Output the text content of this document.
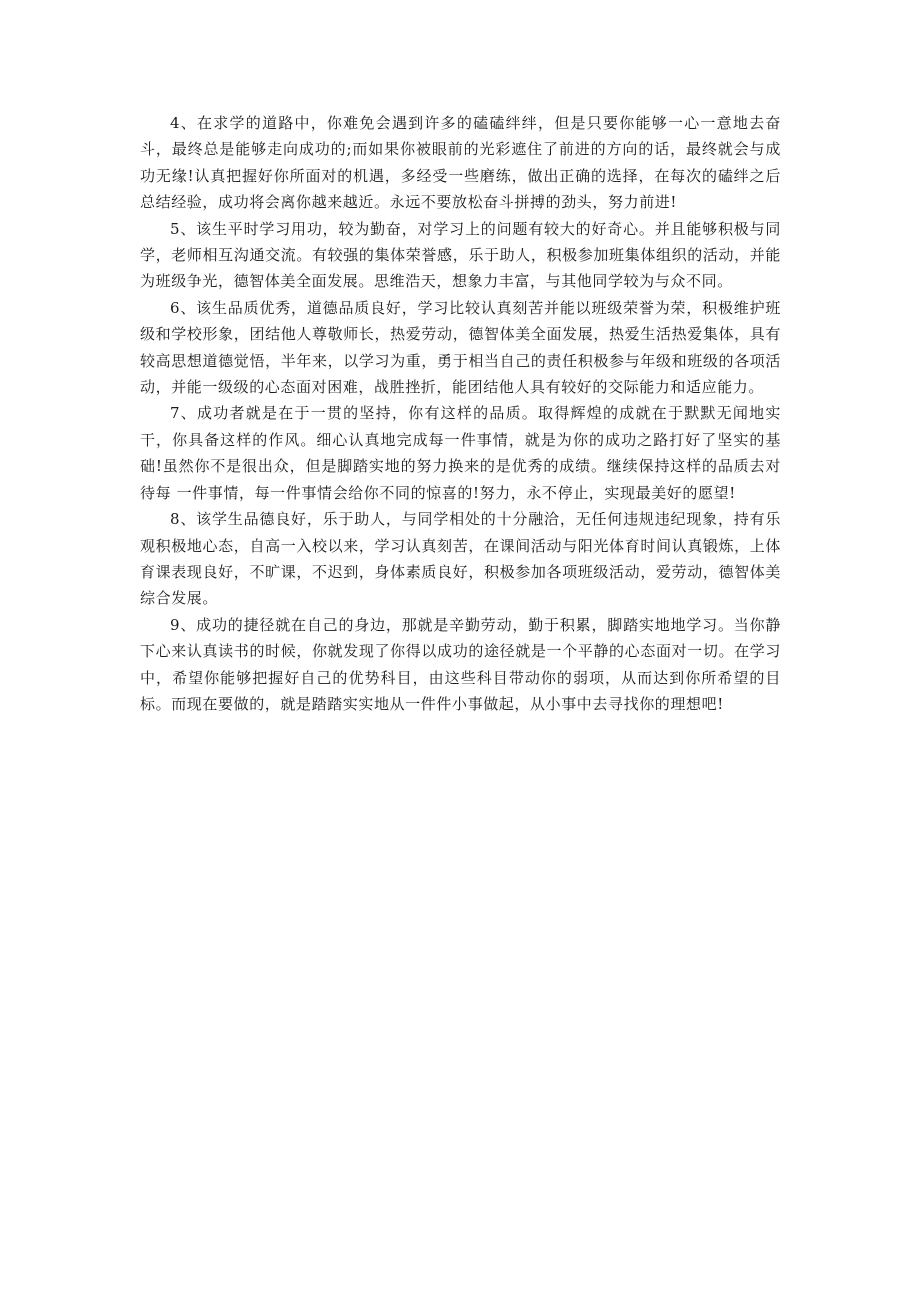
4、在求学的道路中，你难免会遇到许多的磕磕绊绊，但是只要你能够一心一意地去奋斗，最终总是能够走向成功的;而如果你被眼前的光彩遮住了前进的方向的话，最终就会与成功无缘!认真把握好你所面对的机遇，多经受一些磨练，做出正确的选择，在每次的磕绊之后总结经验，成功将会离你越来越近。永远不要放松奋斗拼搏的劲头，努力前进!

5、该生平时学习用功，较为勤奋，对学习上的问题有较大的好奇心。并且能够积极与同学，老师相互沟通交流。有较强的集体荣誉感，乐于助人，积极参加班集体组织的活动，并能为班级争光，德智体美全面发展。思维浩天，想象力丰富，与其他同学较为与众不同。

6、该生品质优秀，道德品质良好，学习比较认真刻苦并能以班级荣誉为荣，积极维护班级和学校形象，团结他人尊敬师长，热爱劳动，德智体美全面发展，热爱生活热爱集体，具有较高思想道德觉悟，半年来，以学习为重，勇于相当自己的责任积极参与年级和班级的各项活动，并能一级级的心态面对困难，战胜挫折，能团结他人具有较好的交际能力和适应能力。

7、成功者就是在于一贯的坚持，你有这样的品质。取得辉煌的成就在于默默无闻地实干，你具备这样的作风。细心认真地完成每一件事情，就是为你的成功之路打好了坚实的基础!虽然你不是很出众，但是脚踏实地的努力换来的是优秀的成绩。继续保持这样的品质去对待每 一件事情，每一件事情会给你不同的惊喜的!努力，永不停止，实现最美好的愿望!

8、该学生品德良好，乐于助人，与同学相处的十分融洽，无任何违规违纪现象，持有乐观积极地心态，自高一入校以来，学习认真刻苦，在课间活动与阳光体育时间认真锻炼，上体育课表现良好，不旷课，不迟到，身体素质良好，积极参加各项班级活动，爱劳动，德智体美综合发展。

9、成功的捷径就在自己的身边，那就是辛勤劳动，勤于积累，脚踏实地地学习。当你静下心来认真读书的时候，你就发现了你得以成功的途径就是一个平静的心态面对一切。在学习中，希望你能够把握好自己的优势科目，由这些科目带动你的弱项，从而达到你所希望的目标。而现在要做的，就是踏踏实实地从一件件小事做起，从小事中去寻找你的理想吧!
